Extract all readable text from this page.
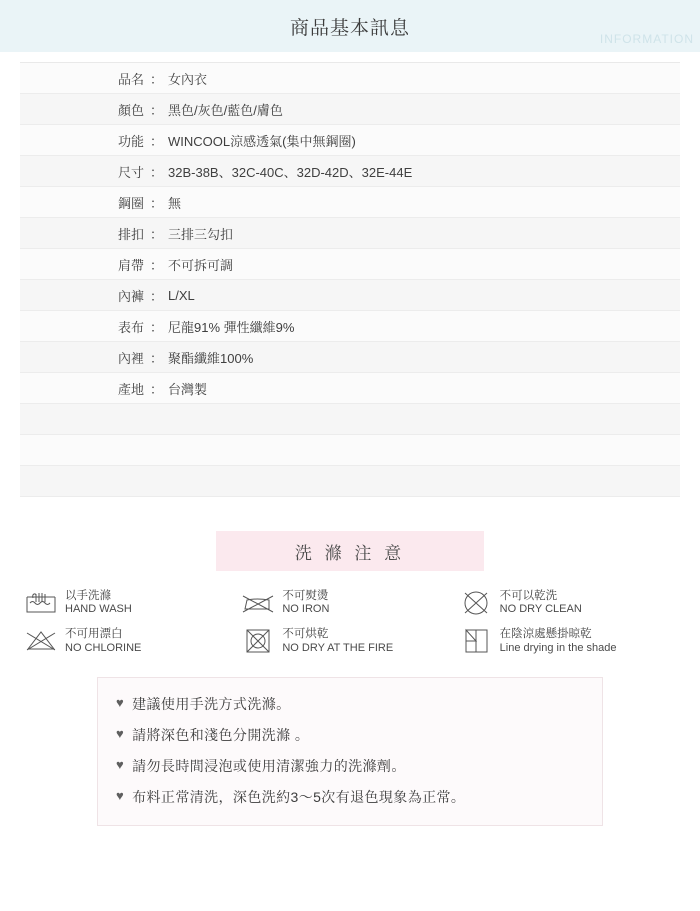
商品基本訊息
INFORMATION
品名 ： 女內衣
顏色 ： 黑色/灰色/藍色/膚色
功能 ： WINCOOL涼感透氣(集中無鋼圈)
尺寸 ： 32B-38B、32C-40C、32D-42D、32E-44E
鋼圈 ： 無
排扣 ： 三排三勾扣
肩帶 ： 不可拆可調
內褲 ： L/XL
表布 ： 尼龍91% 彈性纖維9%
內裡 ： 聚酯纖維100%
產地 ： 台灣製
洗 滌 注 意
以手洗滌
HAND WASH
不可熨燙
NO IRON
不可以乾洗
NO DRY CLEAN
不可用漂白
NO CHLORINE
不可烘乾
NO DRY AT THE FIRE
在陰涼處懸掛晾乾
Line drying in the shade
♥ 建議使用手洗方式洗滌。
♥ 請將深色和淺色分開洗滌 。
♥ 請勿長時間浸泡或使用清潔強力的洗滌劑。
♥ 布料正常清洗，深色洗約3～5次有退色現象為正常。
